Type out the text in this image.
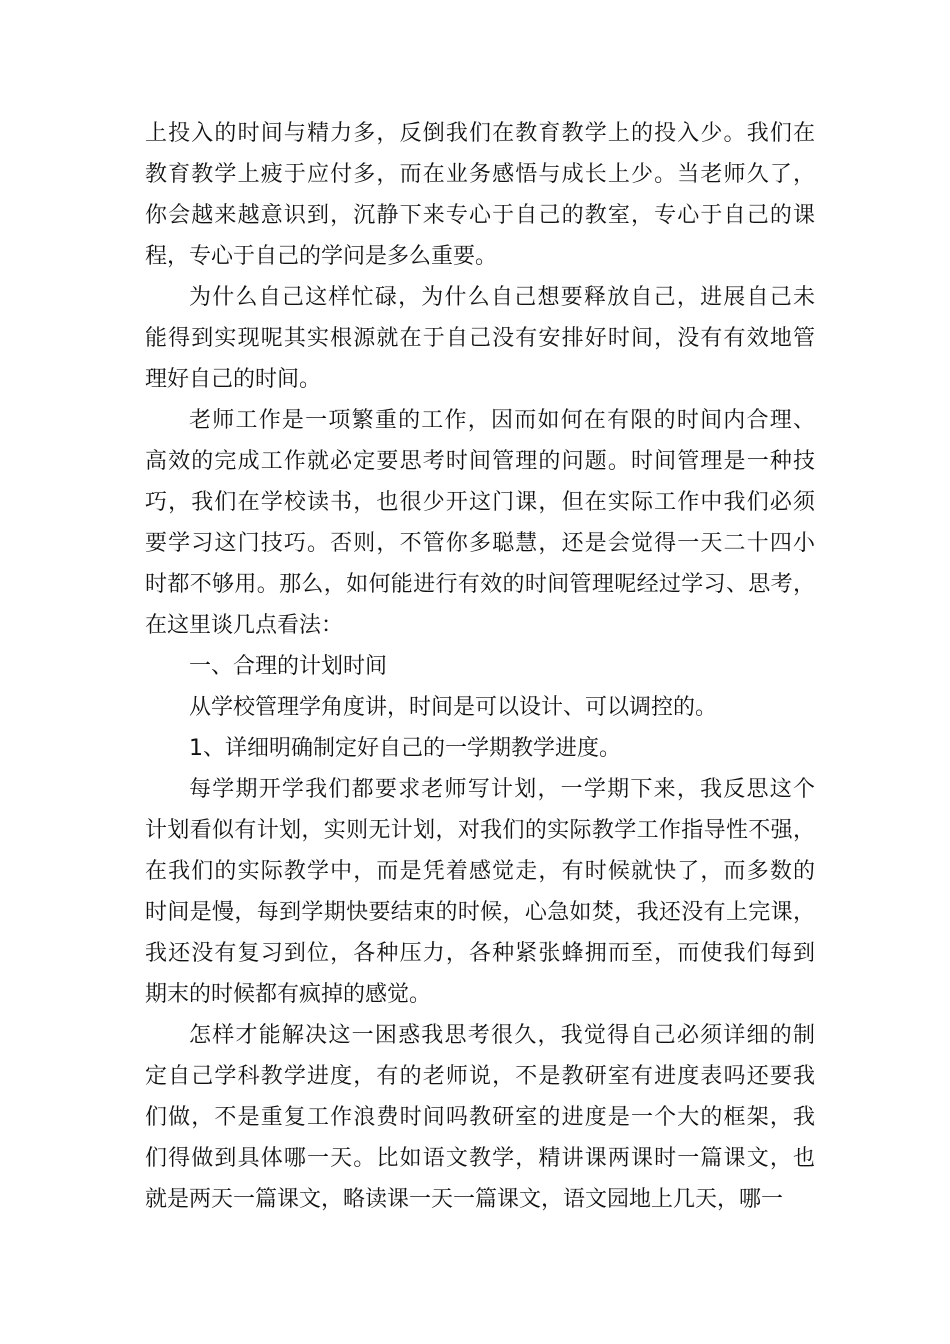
上投入的时间与精力多，反倒我们在教育教学上的投入少。我们在
教育教学上疲于应付多，而在业务感悟与成长上少。当老师久了，
你会越来越意识到，沉静下来专心于自己的教室，专心于自己的课
程，专心于自己的学问是多么重要。
为什么自己这样忙碌，为什么自己想要释放自己，进展自己未
能得到实现呢其实根源就在于自己没有安排好时间，没有有效地管
理好自己的时间。
老师工作是一项繁重的工作，因而如何在有限的时间内合理、
高效的完成工作就必定要思考时间管理的问题。时间管理是一种技
巧，我们在学校读书，也很少开这门课，但在实际工作中我们必须
要学习这门技巧。否则，不管你多聪慧，还是会觉得一天二十四小
时都不够用。那么，如何能进行有效的时间管理呢经过学习、思考，
在这里谈几点看法：
一、合理的计划时间
从学校管理学角度讲，时间是可以设计、可以调控的。
1、详细明确制定好自己的一学期教学进度。
每学期开学我们都要求老师写计划，一学期下来，我反思这个
计划看似有计划，实则无计划，对我们的实际教学工作指导性不强，
在我们的实际教学中，而是凭着感觉走，有时候就快了，而多数的
时间是慢，每到学期快要结束的时候，心急如焚，我还没有上完课，
我还没有复习到位，各种压力，各种紧张蜂拥而至，而使我们每到
期末的时候都有疯掉的感觉。
怎样才能解决这一困惑我思考很久，我觉得自己必须详细的制
定自己学科教学进度，有的老师说，不是教研室有进度表吗还要我
们做，不是重复工作浪费时间吗教研室的进度是一个大的框架，我
们得做到具体哪一天。比如语文教学，精讲课两课时一篇课文，也
就是两天一篇课文，略读课一天一篇课文，语文园地上几天，哪一
